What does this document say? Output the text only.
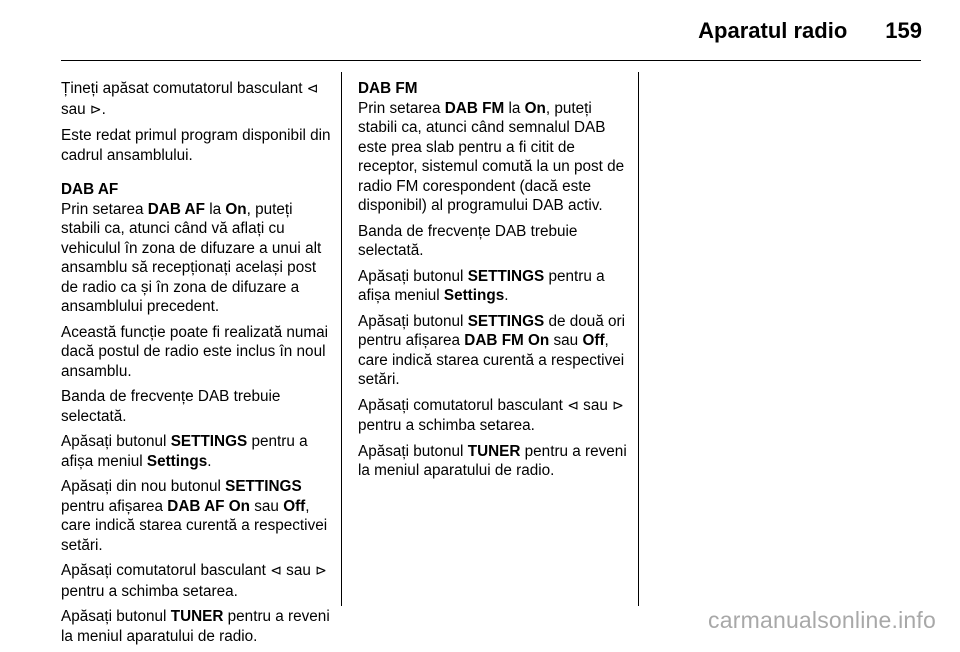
Aparatul radio 159

Țineți apăsat comutatorul basculant ⊲ sau ⊳.

Este redat primul program disponibil din cadrul ansamblului.

DAB AF

Prin setarea DAB AF la On, puteți stabili ca, atunci când vă aflați cu vehiculul în zona de difuzare a unui alt ansamblu să recepționați același post de radio ca și în zona de difuzare a ansamblului precedent.

Această funcție poate fi realizată numai dacă postul de radio este inclus în noul ansamblu.

Banda de frecvențe DAB trebuie selectată.

Apăsați butonul SETTINGS pentru a afișa meniul Settings.

Apăsați din nou butonul SETTINGS pentru afișarea DAB AF On sau Off, care indică starea curentă a respectivei setări.

Apăsați comutatorul basculant ⊲ sau ⊳ pentru a schimba setarea.

Apăsați butonul TUNER pentru a reveni la meniul aparatului de radio.

DAB FM

Prin setarea DAB FM la On, puteți stabili ca, atunci când semnalul DAB este prea slab pentru a fi citit de receptor, sistemul comută la un post de radio FM corespondent (dacă este disponibil) al programului DAB activ.

Banda de frecvențe DAB trebuie selectată.

Apăsați butonul SETTINGS pentru a afișa meniul Settings.

Apăsați butonul SETTINGS de două ori pentru afișarea DAB FM On sau Off, care indică starea curentă a respectivei setări.

Apăsați comutatorul basculant ⊲ sau ⊳ pentru a schimba setarea.

Apăsați butonul TUNER pentru a reveni la meniul aparatului de radio.

carmanualsonline.info
